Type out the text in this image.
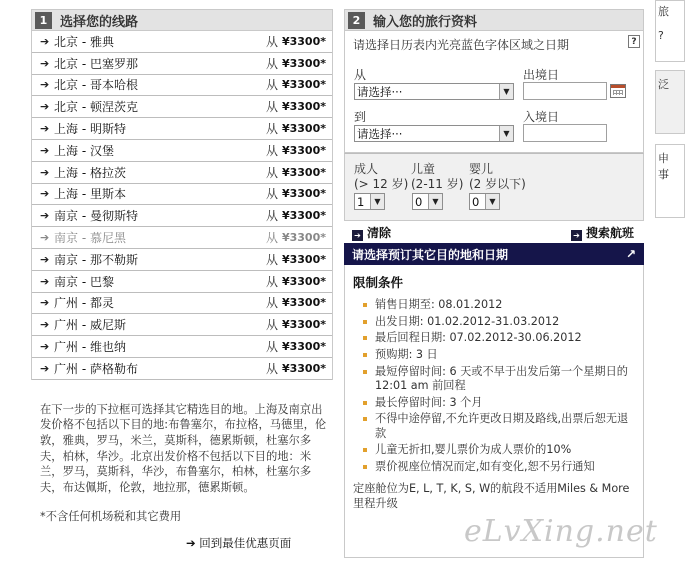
1 选择您的线路
➔ 北京 - 雅典	从 ¥3300*
➔ 北京 - 巴塞罗那	从 ¥3300*
➔ 北京 - 哥本哈根	从 ¥3300*
➔ 北京 - 顿涅茨克	从 ¥3300*
➔ 上海 - 明斯特	从 ¥3300*
➔ 上海 - 汉堡	从 ¥3300*
➔ 上海 - 格拉茨	从 ¥3300*
➔ 上海 - 里斯本	从 ¥3300*
➔ 南京 - 曼彻斯特	从 ¥3300*
➔ 南京 - 慕尼黑	从 ¥3300*
➔ 南京 - 那不勒斯	从 ¥3300*
➔ 南京 - 巴黎	从 ¥3300*
➔ 广州 - 都灵	从 ¥3300*
➔ 广州 - 威尼斯	从 ¥3300*
➔ 广州 - 维也纳	从 ¥3300*
➔ 广州 - 萨格勒布	从 ¥3300*
在下一步的下拉框可选择其它精选目的地。上海及南京出发价格不包括以下目的地:布鲁塞尔，布拉格，马德里，伦敦，雅典，罗马，米兰，莫斯科，德累斯顿，杜塞尔多夫，柏林，华沙。北京出发价格不包括以下目的地：米兰，罗马，莫斯科，华沙，布鲁塞尔，柏林，杜塞尔多夫，布达佩斯，伦敦，地拉那，德累斯顿。
*不含任何机场税和其它费用
➔ 回到最佳优惠页面
2 输入您的旅行资料
请选择日历表内光亮蓝色字体区域之日期	?
从
请选择···	▼
出境日
到
请选择···	▼
入境日
成人
(> 12 岁)
1	▼
儿童
(2-11 岁)
0	▼
婴儿
(2 岁以下)
0	▼
➔ 清除	➔ 搜索航班
请选择预订其它目的地和日期	↗
限制条件
销售日期至: 08.01.2012
出发日期: 01.02.2012-31.03.2012
最后回程日期: 07.02.2012-30.06.2012
预购期: 3 日
最短停留时间: 6 天或不早于出发后第一个星期日的12:01 am 前回程
最长停留时间: 3 个月
不得中途停留,不允许更改日期及路线,出票后恕无退款
儿童无折扣,婴儿票价为成人票价的10%
票价视座位情况而定,如有变化,恕不另行通知
定座舱位为E, L, T, K, S, W的航段不适用Miles & More里程升级
旅
?
泛
申
事
eLvXing.net
